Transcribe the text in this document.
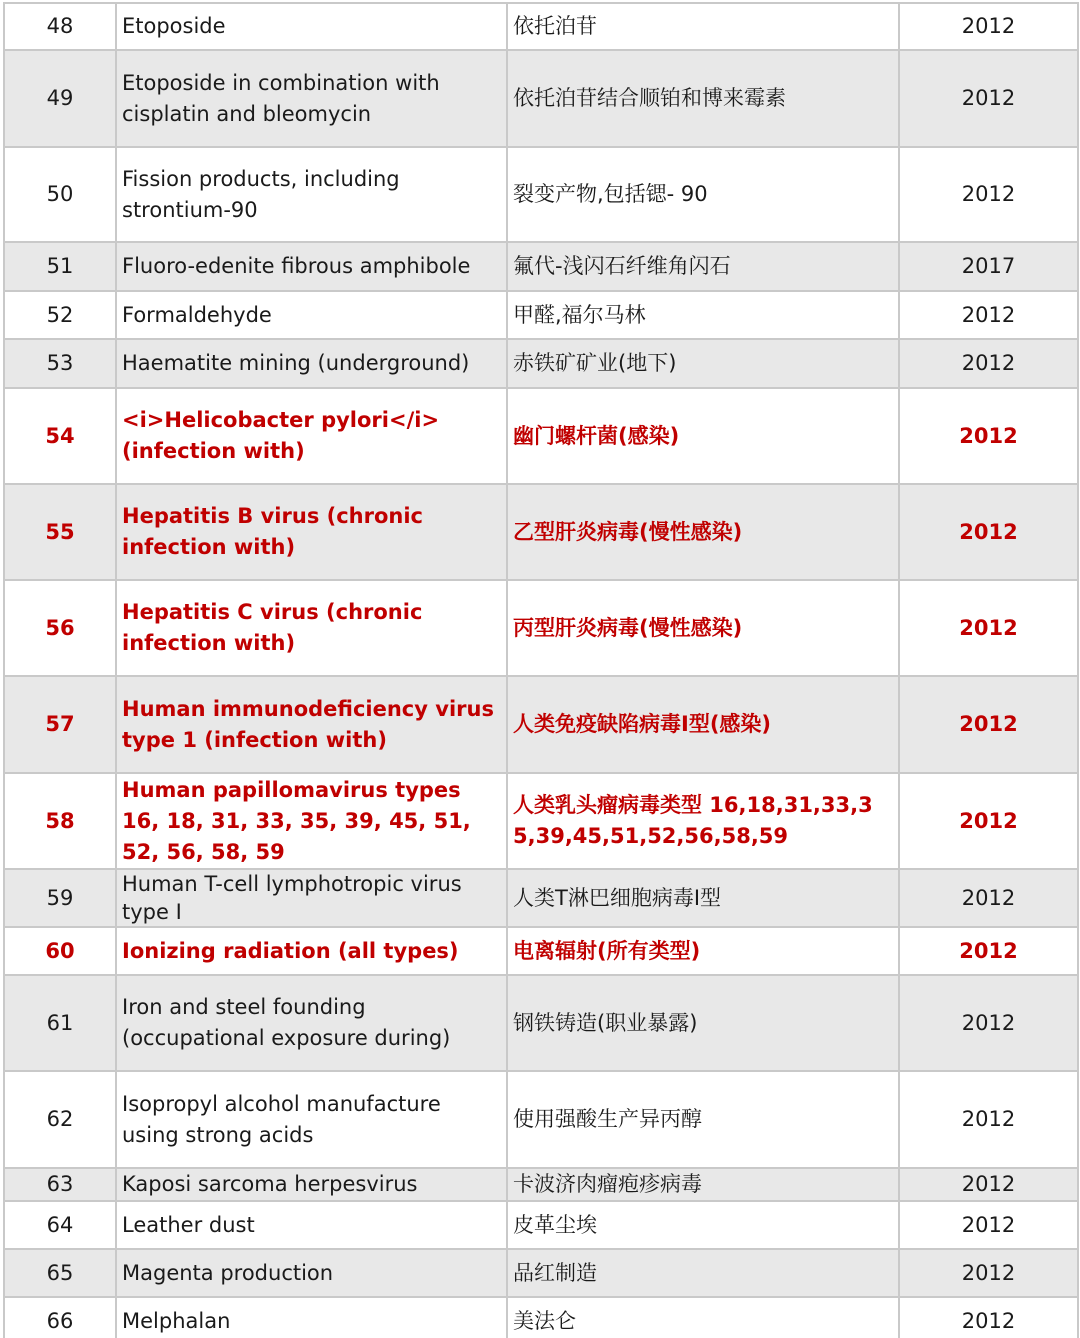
48	Etoposide	依托泊苷	2012
49	Etoposide in combination with cisplatin and bleomycin	依托泊苷结合顺铂和博来霉素	2012
50	Fission products, including strontium-90	裂变产物,包括锶- 90	2012
51	Fluoro-edenite fibrous amphibole	氟代-浅闪石纤维角闪石	2017
52	Formaldehyde	甲醛,福尔马林	2012
53	Haematite mining (underground)	赤铁矿矿业(地下)	2012
54	<i>Helicobacter pylori</i> (infection with)	幽门螺杆菌(感染)	2012
55	Hepatitis B virus (chronic infection with)	乙型肝炎病毒(慢性感染)	2012
56	Hepatitis C virus (chronic infection with)	丙型肝炎病毒(慢性感染)	2012
57	Human immunodeficiency virus type 1 (infection with)	人类免疫缺陷病毒I型(感染)	2012
58	Human papillomavirus types 16, 18, 31, 33, 35, 39, 45, 51, 52, 56, 58, 59	人类乳头瘤病毒类型 16,18,31,33,35,39,45,51,52,56,58,59	2012
59	Human T-cell lymphotropic virus type I	人类T淋巴细胞病毒I型	2012
60	Ionizing radiation (all types)	电离辐射(所有类型)	2012
61	Iron and steel founding (occupational exposure during)	钢铁铸造(职业暴露)	2012
62	Isopropyl alcohol manufacture using strong acids	使用强酸生产异丙醇	2012
63	Kaposi sarcoma herpesvirus	卡波济肉瘤疱疹病毒	2012
64	Leather dust	皮革尘埃	2012
65	Magenta production	品红制造	2012
66	Melphalan	美法仑	2012
